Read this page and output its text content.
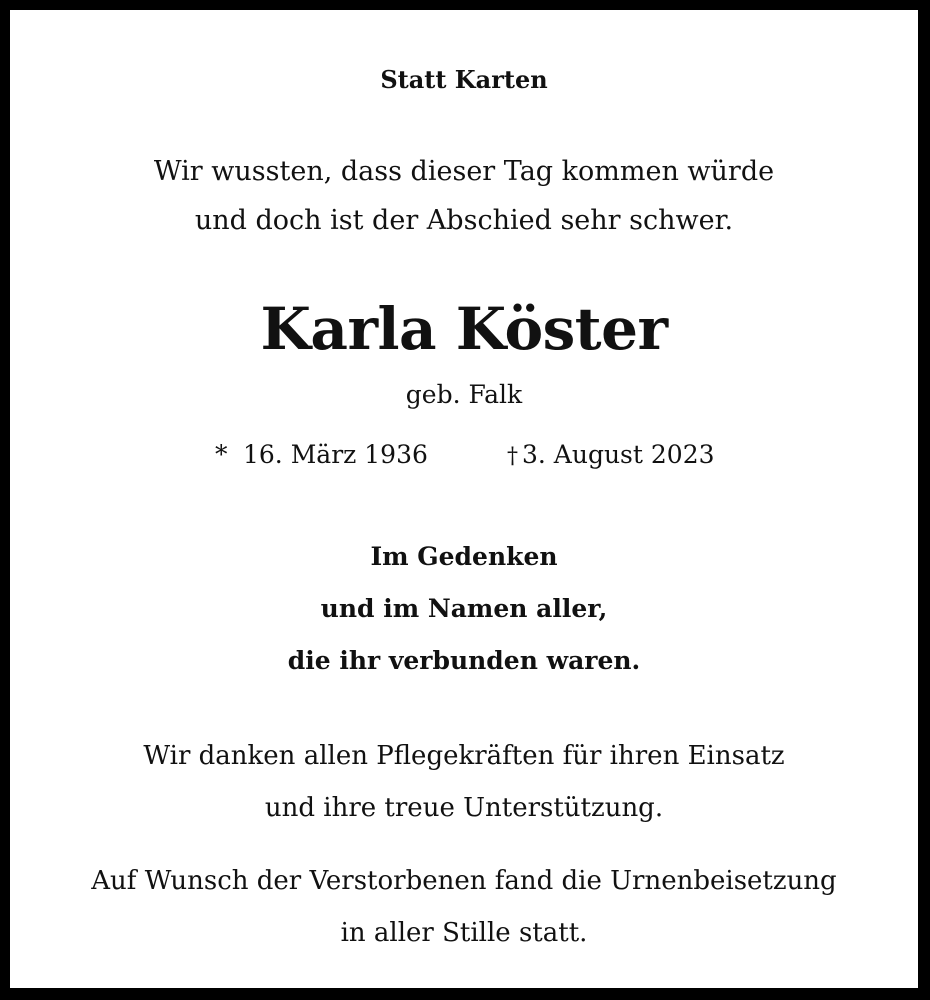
Statt Karten
Wir wussten, dass dieser Tag kommen würde
und doch ist der Abschied sehr schwer.
Karla Köster
geb. Falk
* 16. März 1936	† 3. August 2023
Im Gedenken
und im Namen aller,
die ihr verbunden waren.
Wir danken allen Pflegekräften für ihren Einsatz
und ihre treue Unterstützung.
Auf Wunsch der Verstorbenen fand die Urnenbeisetzung
in aller Stille statt.
